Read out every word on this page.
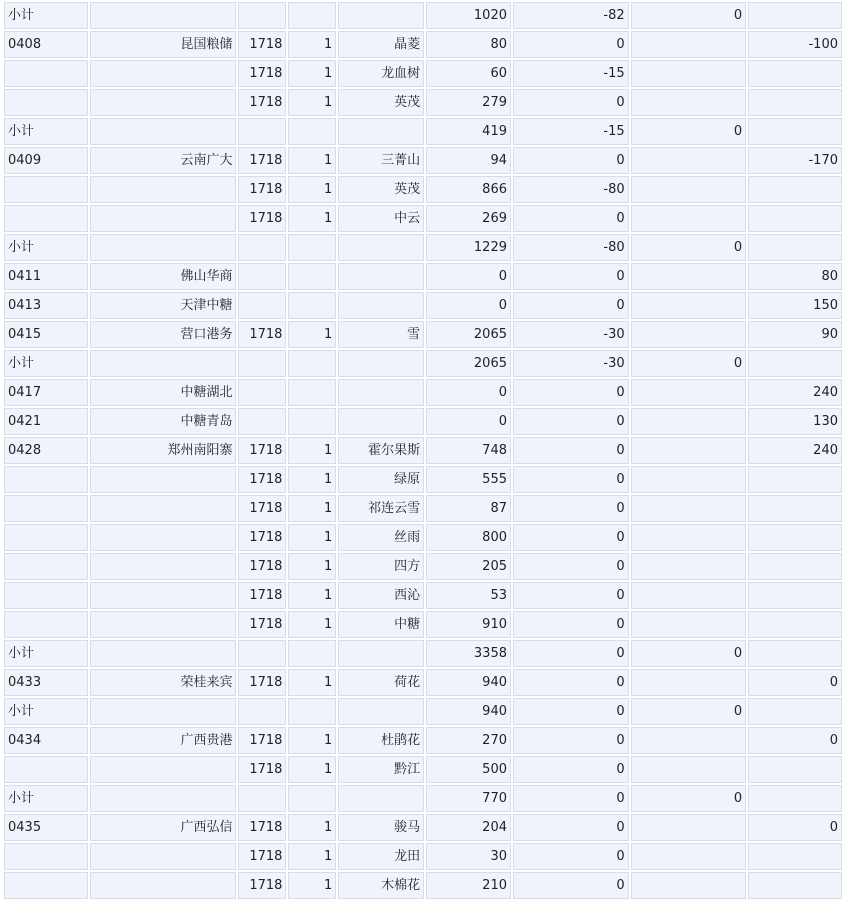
小计					1020	-82	0	
0408	昆国粮储	1718	1	晶菱	80	0		-100
		1718	1	龙血树	60	-15		
		1718	1	英茂	279	0		
小计					419	-15	0	
0409	云南广大	1718	1	三菁山	94	0		-170
		1718	1	英茂	866	-80		
		1718	1	中云	269	0		
小计					1229	-80	0	
0411	佛山华商				0	0		80
0413	天津中糖				0	0		150
0415	营口港务	1718	1	雪	2065	-30		90
小计					2065	-30	0	
0417	中糖湖北				0	0		240
0421	中糖青岛				0	0		130
0428	郑州南阳寨	1718	1	霍尔果斯	748	0		240
		1718	1	绿原	555	0		
		1718	1	祁连云雪	87	0		
		1718	1	丝雨	800	0		
		1718	1	四方	205	0		
		1718	1	西沁	53	0		
		1718	1	中糖	910	0		
小计					3358	0	0	
0433	荣桂来宾	1718	1	荷花	940	0		0
小计					940	0	0	
0434	广西贵港	1718	1	杜鹃花	270	0		0
		1718	1	黔江	500	0		
小计					770	0	0	
0435	广西弘信	1718	1	骏马	204	0		0
		1718	1	龙田	30	0		
		1718	1	木棉花	210	0		
